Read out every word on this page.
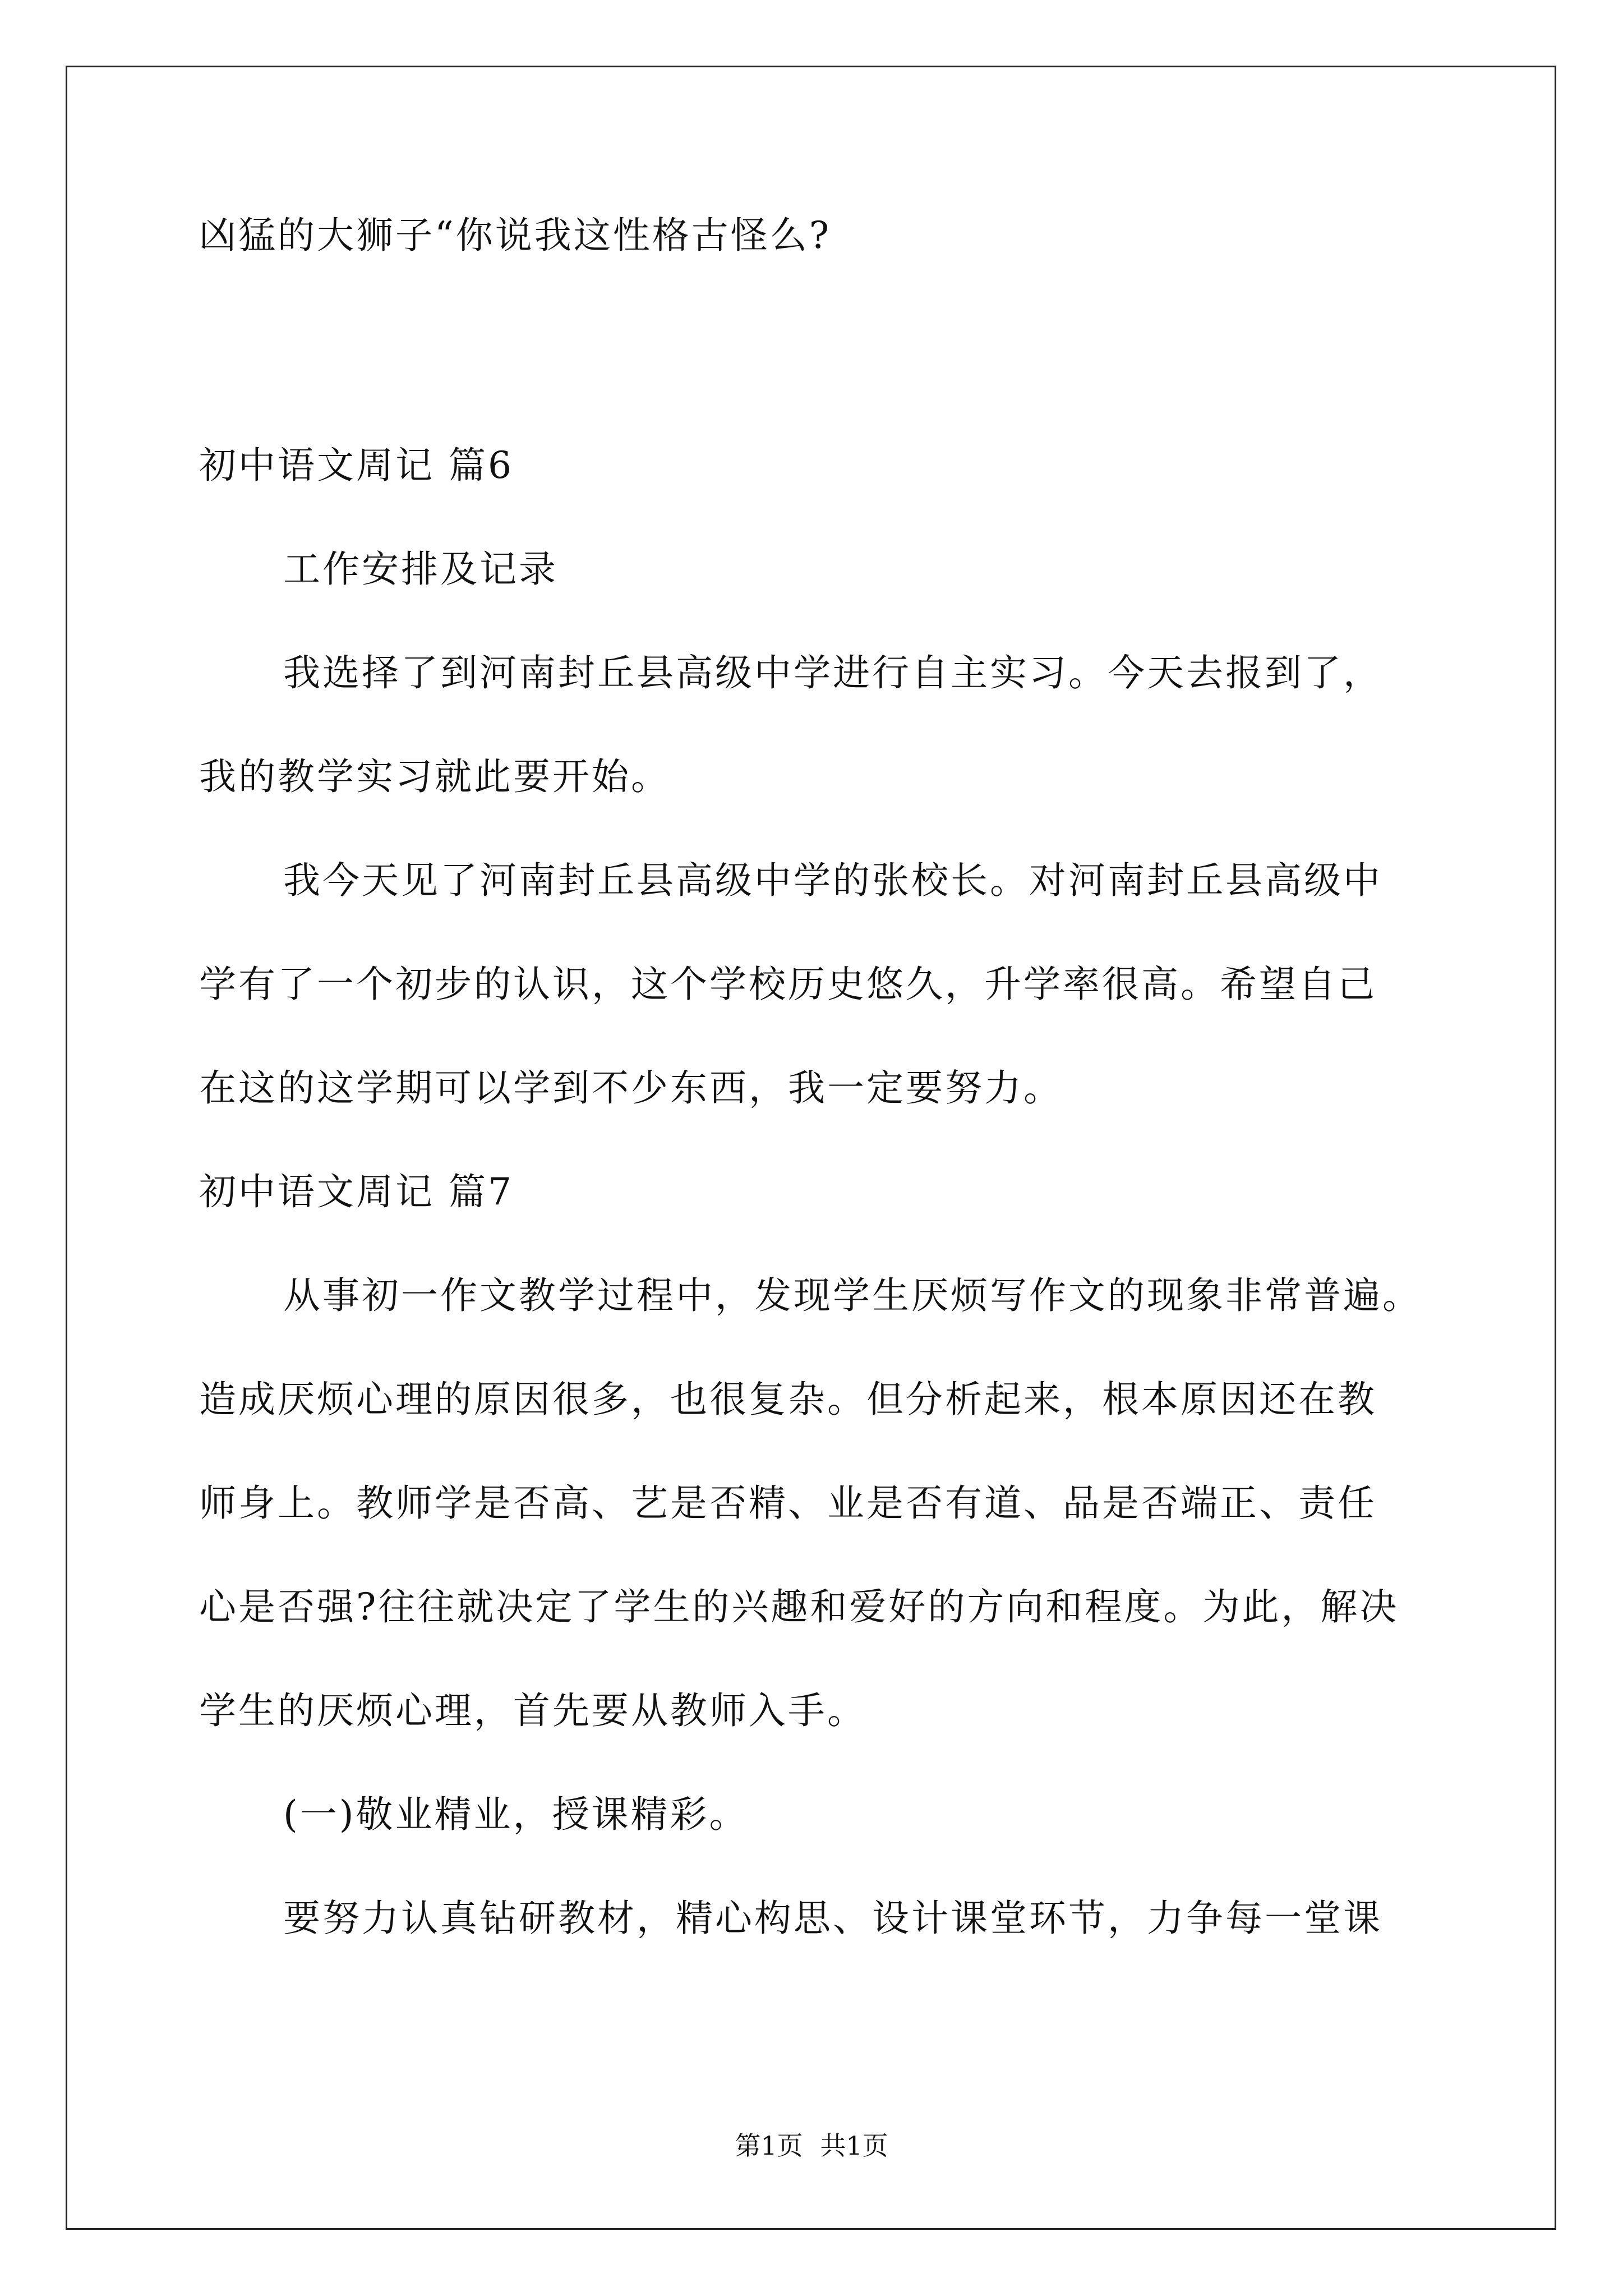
凶猛的大狮子“你说我这性格古怪么?
初中语文周记 篇6
工作安排及记录
我选择了到河南封丘县高级中学进行自主实习。今天去报到了，
我的教学实习就此要开始。
我今天见了河南封丘县高级中学的张校长。对河南封丘县高级中
学有了一个初步的认识，这个学校历史悠久，升学率很高。希望自己
在这的这学期可以学到不少东西，我一定要努力。
初中语文周记 篇7
从事初一作文教学过程中，发现学生厌烦写作文的现象非常普遍。
造成厌烦心理的原因很多，也很复杂。但分析起来，根本原因还在教
师身上。教师学是否高、艺是否精、业是否有道、品是否端正、责任
心是否强?往往就决定了学生的兴趣和爱好的方向和程度。为此，解决
学生的厌烦心理，首先要从教师入手。
(一)敬业精业，授课精彩。
要努力认真钻研教材，精心构思、设计课堂环节，力争每一堂课
第1页 共1页
